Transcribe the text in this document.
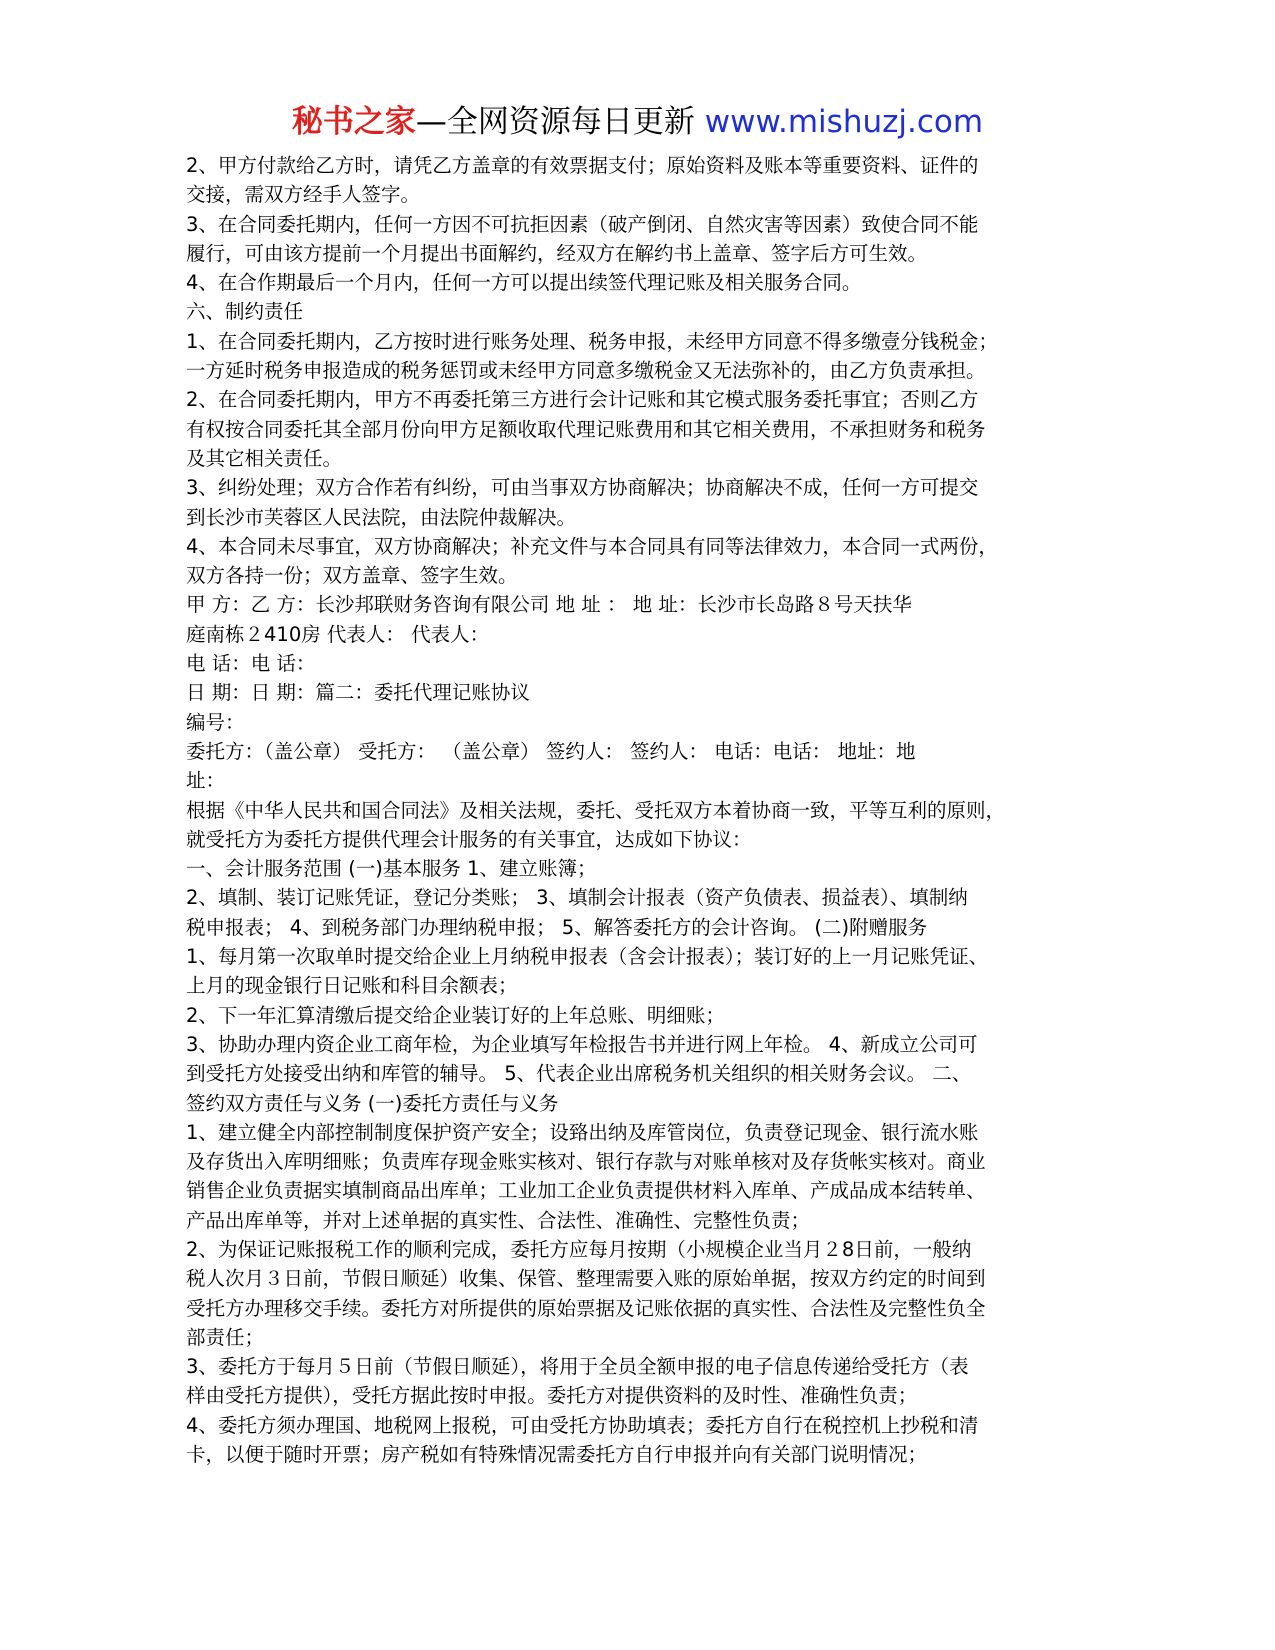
秘书之家—全网资源每日更新 www.mishuzj.com
2、甲方付款给乙方时，请凭乙方盖章的有效票据支付；原始资料及账本等重要资料、证件的
交接，需双方经手人签字。
3、在合同委托期内，任何一方因不可抗拒因素（破产倒闭、自然灾害等因素）致使合同不能
履行，可由该方提前一个月提出书面解约，经双方在解约书上盖章、签字后方可生效。
4、在合作期最后一个月内，任何一方可以提出续签代理记账及相关服务合同。
六、制约责任
1、在合同委托期内，乙方按时进行账务处理、税务申报，未经甲方同意不得多缴壹分钱税金；
一方延时税务申报造成的税务惩罚或未经甲方同意多缴税金又无法弥补的，由乙方负责承担。
2、在合同委托期内，甲方不再委托第三方进行会计记账和其它模式服务委托事宜；否则乙方
有权按合同委托其全部月份向甲方足额收取代理记账费用和其它相关费用，不承担财务和税务
及其它相关责任。
3、纠纷处理；双方合作若有纠纷，可由当事双方协商解决；协商解决不成，任何一方可提交
到长沙市芙蓉区人民法院，由法院仲裁解决。
4、本合同未尽事宜，双方协商解决；补充文件与本合同具有同等法律效力，本合同一式两份，
双方各持一份；双方盖章、签字生效。
甲 方：乙 方：长沙邦联财务咨询有限公司 地 址 ： 地 址：长沙市长岛路８号天扶华
庭南栋２410房 代表人： 代表人：
电 话：电 话：
日 期：日 期：篇二：委托代理记账协议
编号：
委托方：（盖公章） 受托方： （盖公章） 签约人： 签约人： 电话：电话： 地址：地
址：
根据《中华人民共和国合同法》及相关法规，委托、受托双方本着协商一致，平等互利的原则，
就受托方为委托方提供代理会计服务的有关事宜，达成如下协议：
一、会计服务范围 (一)基本服务 1、建立账簿；
2、填制、装订记账凭证，登记分类账； 3、填制会计报表（资产负债表、损益表）、填制纳
税申报表； 4、到税务部门办理纳税申报； 5、解答委托方的会计咨询。 (二)附赠服务
1、每月第一次取单时提交给企业上月纳税申报表（含会计报表）；装订好的上一月记账凭证、
上月的现金银行日记账和科目余额表；
2、下一年汇算清缴后提交给企业装订好的上年总账、明细账；
3、协助办理内资企业工商年检，为企业填写年检报告书并进行网上年检。 4、新成立公司可
到受托方处接受出纳和库管的辅导。 5、代表企业出席税务机关组织的相关财务会议。 二、
签约双方责任与义务 (一)委托方责任与义务
1、建立健全内部控制制度保护资产安全；设臵出纳及库管岗位，负责登记现金、银行流水账
及存货出入库明细账；负责库存现金账实核对、银行存款与对账单核对及存货帐实核对。商业
销售企业负责据实填制商品出库单；工业加工企业负责提供材料入库单、产成品成本结转单、
产品出库单等，并对上述单据的真实性、合法性、准确性、完整性负责；
2、为保证记账报税工作的顺利完成，委托方应每月按期（小规模企业当月２8日前，一般纳
税人次月３日前，节假日顺延）收集、保管、整理需要入账的原始单据，按双方约定的时间到
受托方办理移交手续。委托方对所提供的原始票据及记账依据的真实性、合法性及完整性负全
部责任；
3、委托方于每月５日前（节假日顺延），将用于全员全额申报的电子信息传递给受托方（表
样由受托方提供），受托方据此按时申报。委托方对提供资料的及时性、准确性负责；
4、委托方须办理国、地税网上报税，可由受托方协助填表；委托方自行在税控机上抄税和清
卡，以便于随时开票；房产税如有特殊情况需委托方自行申报并向有关部门说明情况；
